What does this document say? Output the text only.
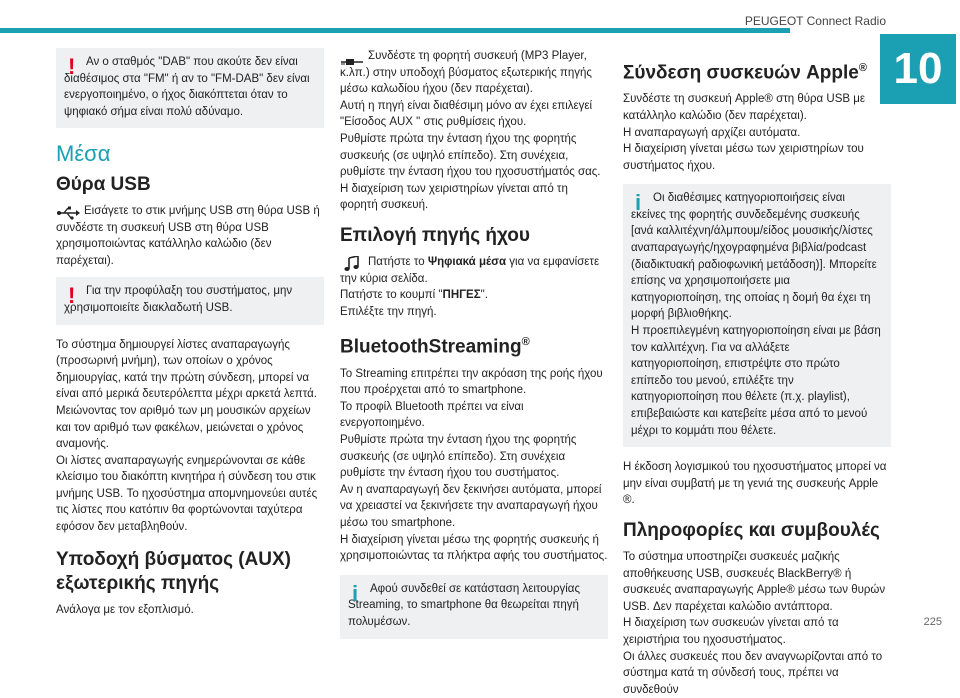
PEUGEOT Connect Radio
10
! Αν ο σταθμός "DAB" που ακούτε δεν είναι διαθέσιμος στα "FM" ή αν το "FM-DAB" δεν είναι ενεργοποιημένο, ο ήχος διακόπτεται όταν το ψηφιακό σήμα είναι πολύ αδύναμο.

Μέσα
Θύρα USB

Εισάγετε το στικ μνήμης USB στη θύρα USB ή συνδέστε τη συσκευή USB στη θύρα USB χρησιμοποιώντας κατάλληλο καλώδιο (δεν παρέχεται).

! Για την προφύλαξη του συστήματος, μην χρησιμοποιείτε διακλαδωτή USB.

Το σύστημα δημιουργεί λίστες αναπαραγωγής (προσωρινή μνήμη), των οποίων ο χρόνος δημιουργίας, κατά την πρώτη σύνδεση, μπορεί να είναι από μερικά δευτερόλεπτα μέχρι αρκετά λεπτά.
Μειώνοντας τον αριθμό των μη μουσικών αρχείων και τον αριθμό των φακέλων, μειώνεται ο χρόνος αναμονής.
Οι λίστες αναπαραγωγής ενημερώνονται σε κάθε κλείσιμο του διακόπτη κινητήρα ή σύνδεση του στικ μνήμης USB. Το ηχοσύστημα απομνημονεύει αυτές τις λίστες που κατόπιν θα φορτώνονται ταχύτερα εφόσον δεν μεταβληθούν.

Υποδοχή βύσματος (AUX) εξωτερικής πηγής

Ανάλογα με τον εξοπλισμό.

Συνδέστε τη φορητή συσκευή (MP3 Player, κ.λπ.) στην υποδοχή βύσματος εξωτερικής πηγής μέσω καλωδίου ήχου (δεν παρέχεται).
Αυτή η πηγή είναι διαθέσιμη μόνο αν έχει επιλεγεί "Είσοδος AUX " στις ρυθμίσεις ήχου.
Ρυθμίστε πρώτα την ένταση ήχου της φορητής συσκευής (σε υψηλό επίπεδο). Στη συνέχεια, ρυθμίστε την ένταση ήχου του ηχοσυστήματός σας.
Η διαχείριση των χειριστηρίων γίνεται από τη φορητή συσκευή.

Επιλογή πηγής ήχου

Πατήστε το Ψηφιακά μέσα για να εμφανίσετε την κύρια σελίδα.

Πατήστε το κουμπί "ΠΗΓΕΣ".

Επιλέξτε την πηγή.

BluetoothStreaming®

Το Streaming επιτρέπει την ακρόαση της ροής ήχου που προέρχεται από το smartphone.
Το προφίλ Bluetooth πρέπει να είναι ενεργοποιημένο.
Ρυθμίστε πρώτα την ένταση ήχου της φορητής συσκευής (σε υψηλό επίπεδο). Στη συνέχεια ρυθμίστε την ένταση ήχου του συστήματος.
Αν η αναπαραγωγή δεν ξεκινήσει αυτόματα, μπορεί να χρειαστεί να ξεκινήσετε την αναπαραγωγή ήχου μέσω του smartphone.
Η διαχείριση γίνεται μέσω της φορητής συσκευής ή χρησιμοποιώντας τα πλήκτρα αφής του συστήματος.

i	Αφού συνδεθεί σε κατάσταση λειτουργίας Streaming, το smartphone θα θεωρείται πηγή πολυμέσων.

Σύνδεση συσκευών Apple®

Συνδέστε τη συσκευή Apple® στη θύρα USB με κατάλληλο καλώδιο (δεν παρέχεται).
Η αναπαραγωγή αρχίζει αυτόματα.
Η διαχείριση γίνεται μέσω των χειριστηρίων του συστήματος ήχου.

i	Οι διαθέσιμες κατηγοριοποιήσεις είναι εκείνες της φορητής συνδεδεμένης συσκευής [ανά καλλιτέχνη/άλμπουμ/είδος μουσικής/λίστες αναπαραγωγής/ηχογραφημένα βιβλία/podcast (διαδικτυακή ραδιοφωνική μετάδοση)]. Μπορείτε επίσης να χρησιμοποιήσετε μια κατηγοριοποίηση, της οποίας η δομή θα έχει τη μορφή βιβλιοθήκης.
Η προεπιλεγμένη κατηγοριοποίηση είναι με βάση τον καλλιτέχνη. Για να αλλάξετε κατηγοριοποίηση, επιστρέψτε στο πρώτο επίπεδο του μενού, επιλέξτε την κατηγοριοποίηση που θέλετε (π.χ. playlist), επιβεβαιώστε και κατεβείτε μέσα από το μενού μέχρι το κομμάτι που θέλετε.

Η έκδοση λογισμικού του ηχοσυστήματος μπορεί να μην είναι συμβατή με τη γενιά της συσκευής Apple ®.

Πληροφορίες και συμβουλές

Το σύστημα υποστηρίζει συσκευές μαζικής αποθήκευσης USB, συσκευές BlackBerry® ή συσκευές αναπαραγωγής Apple® μέσω των θυρών USB. Δεν παρέχεται καλώδιο αντάπτορα.
Η διαχείριση των συσκευών γίνεται από τα χειριστήρια του ηχοσυστήματος.
Οι άλλες συσκευές που δεν αναγνωρίζονται από το σύστημα κατά τη σύνδεσή τους, πρέπει να συνδεθούν

225
